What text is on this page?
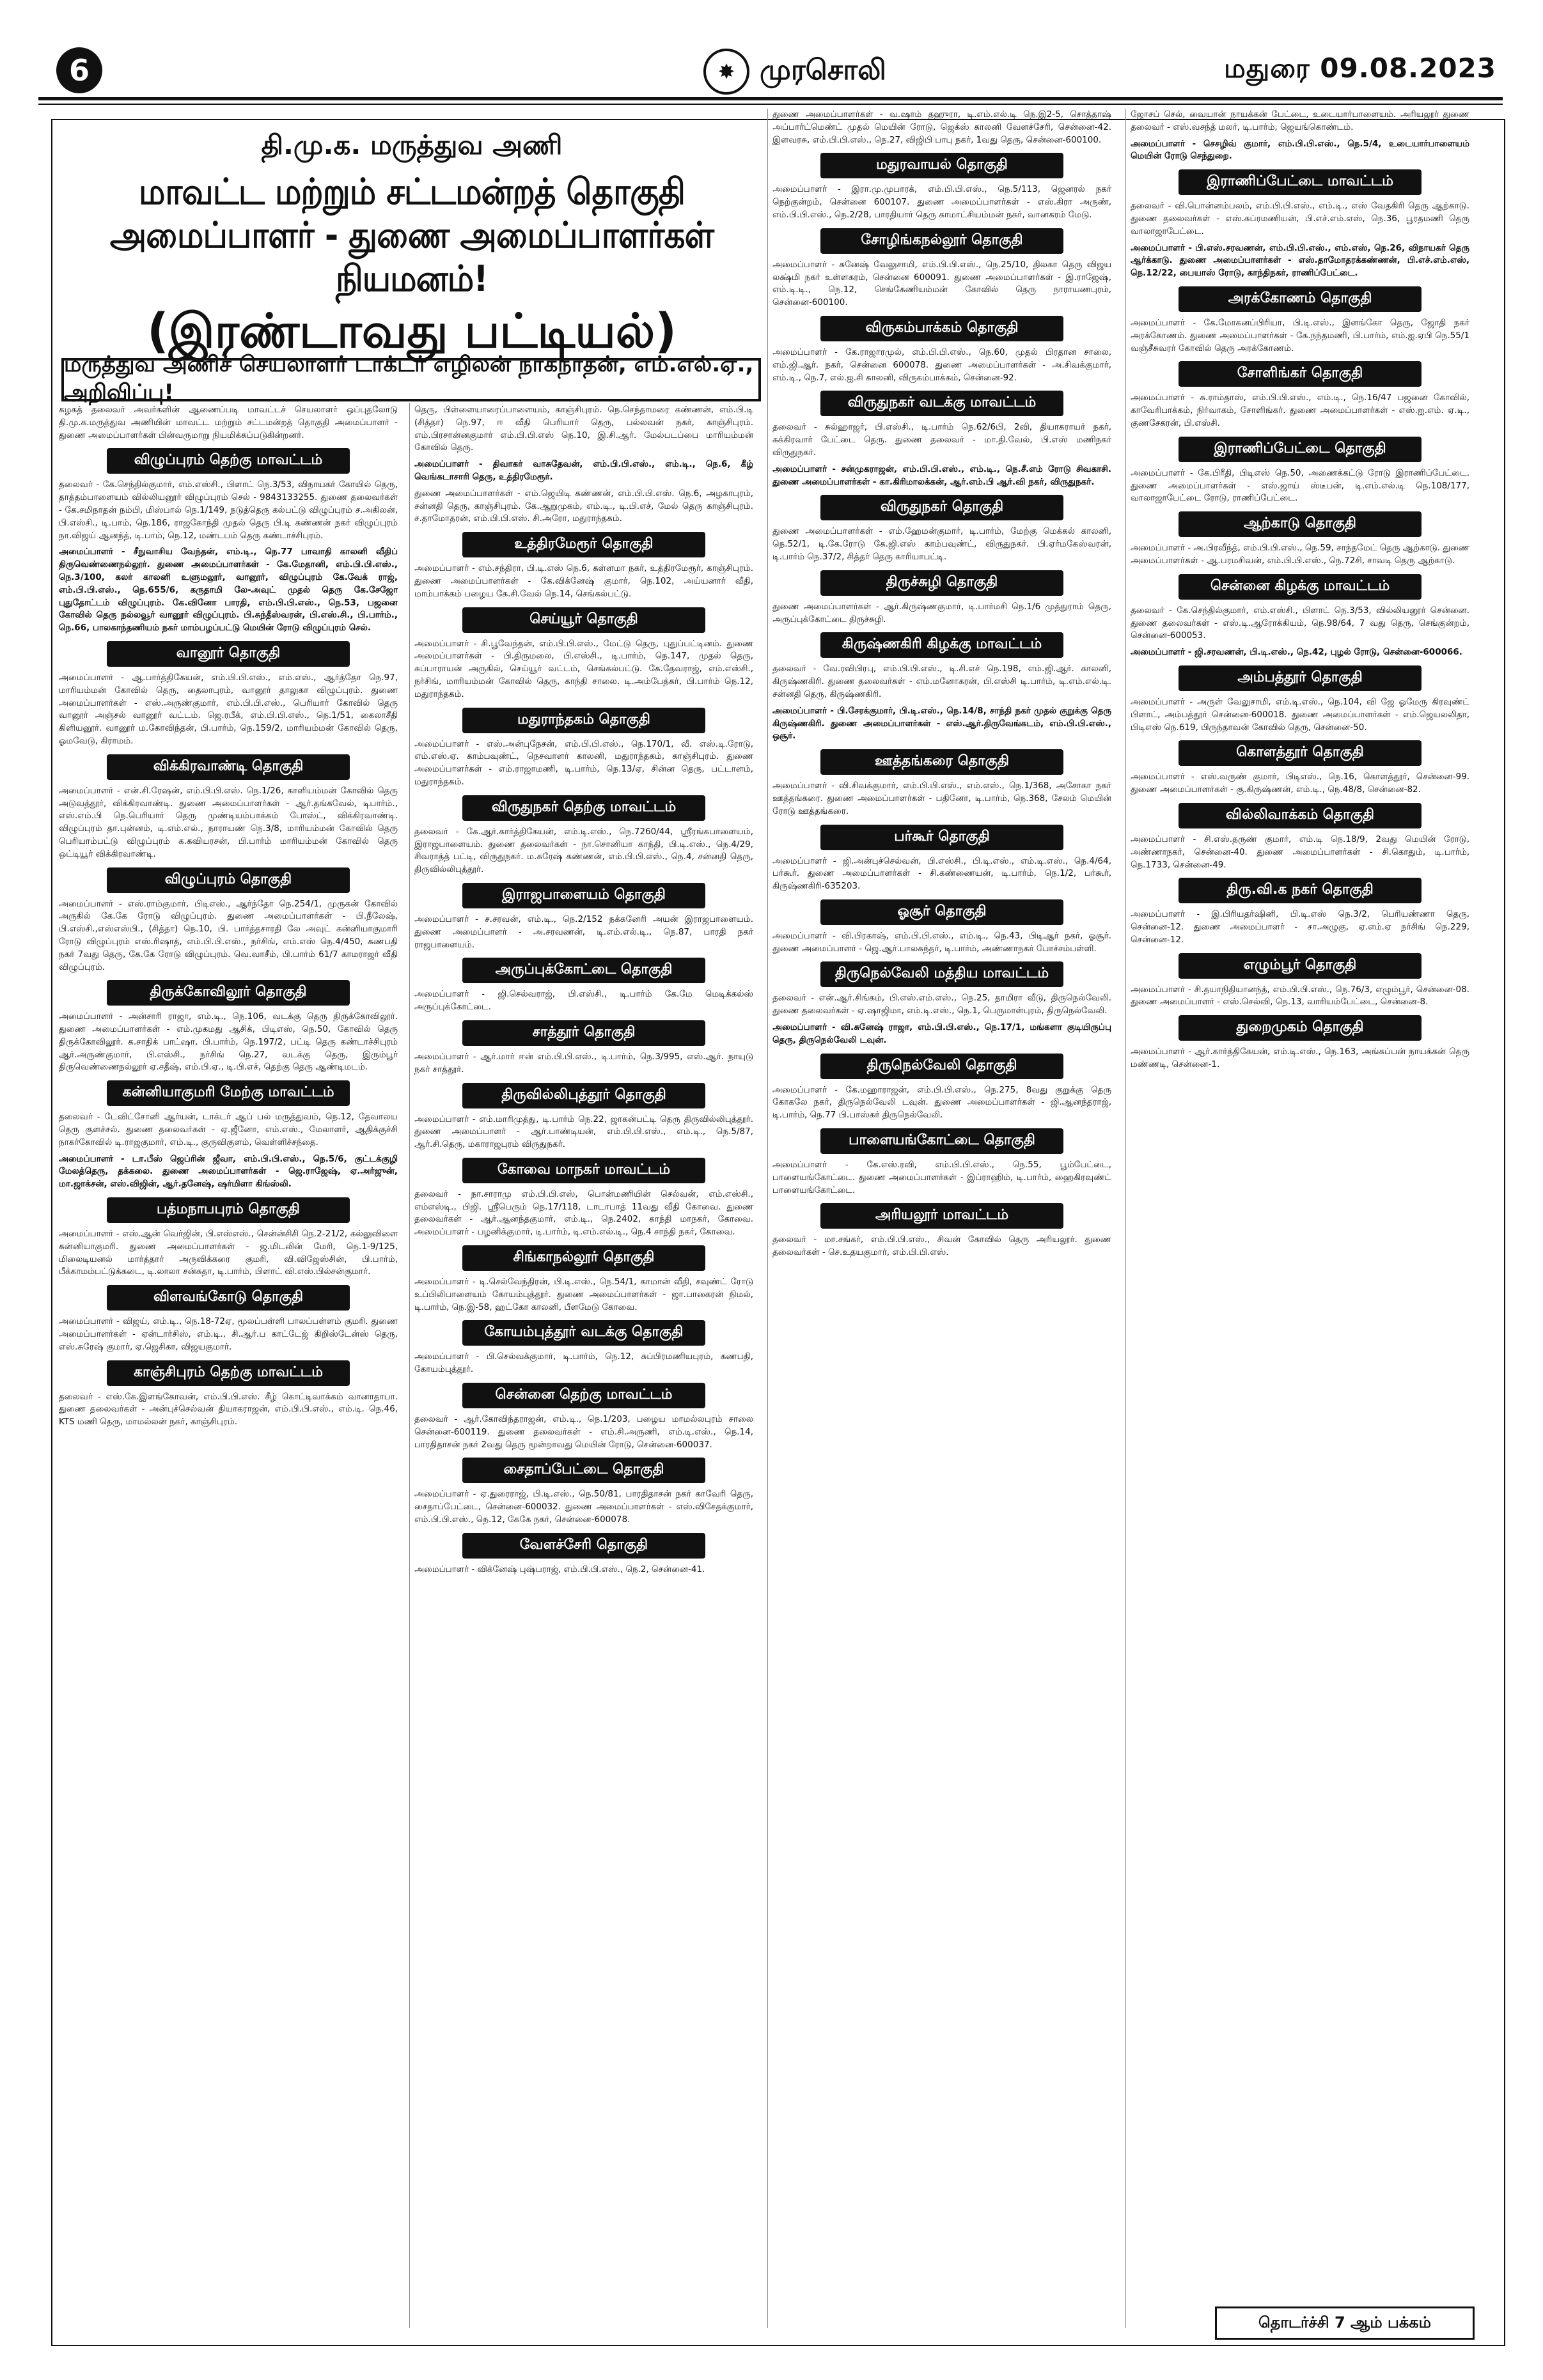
6	✸ முரசொலி	மதுரை 09.08.2023
தி.மு.க. மருத்துவ அணி
மாவட்ட மற்றும் சட்டமன்றத் தொகுதி அமைப்பாளர் - துணை அமைப்பாளர்கள் நியமனம்!
(இரண்டாவது பட்டியல்)
மருத்துவ அணிச் செயலாளர் டாக்டர் எழிலன் நாகநாதன், எம்.எல்.ஏ., அறிவிப்பு!

கழகத் தலைவர் அவர்களின் ஆணைப்படி மாவட்டச் செயலாளர் ஒப்புதலோடு தி.மு.க.மருத்துவ அணியின் மாவட்ட மற்றும் சட்டமன்றத் தொகுதி அமைப்பாளர் - துணை அமைப்பாளர்கள் பின்வருமாறு நியமிக்கப்படுகின்றனர்.

விழுப்புரம் தெற்கு மாவட்டம்

தலைவர் - கே.செந்தில்குமார், எம்.எஸ்சி., பிளாட் நெ.3/53, விநாயகர் கோயில் தெரு, தாத்தம்பாளையம் வில்லியனூர் விழுப்புரம் செல் - 9843133255. துணை தலைவர்கள் - கே.சமிநாதன் நம்பி, மிஸ்பால் நெ.1/149, நடுத்தெரு கல்பட்டு விழுப்புரம் ச.அகிலன், பி.எஸ்சி., டி.பாம், நெ.186, ராஜகோந்தி முதல் தெரு பி.டி கண்ணன் நகர் விழுப்புரம் நா.விஜய் ஆனந்த், டி.பாம், நெ.12, மண்டபம் தெரு கண்டாச்சிபுரம்.

அமைப்பாளர் - சீநுவாசிய வேந்தன், எம்.டி., நெ.77 பாவாதி காலனி வீதிப் திருவெண்ணைநல்லூர். துணை அமைப்பாளர்கள் - கே.மேதானி, எம்.பி.பி.எஸ்., நெ.3/100, கலர் காலனி உளுமலூர், வானூர், விழுப்புரம் கே.வேக் ராஜ், எம்.பி.பி.எஸ்., நெ.655/6, கருதாமி லே-அவுட் முதல் தெரு கே.சேஜோ புதுதோட்டம் விழுப்புரம். கே.வினோ பாரதி, எம்.பி.பி.எஸ்., நெ.53, பஜனை கோவில் தெரு நல்லவூர் வானூர் விழுப்புரம். பி.சுந்தீஸ்வரன், பி.எஸ்.சி., பி.பார்ம்., நெ.66, பாலகாந்தணியம் நகர் மாம்பழப்பட்டு மெயின் ரோடு விழுப்புரம் செல்.

வானூர் தொகுதி

அமைப்பாளர் - ஆ.பார்த்திகேயன், எம்.பி.பி.எஸ்., எம்.எஸ்., ஆர்த்தோ நெ.97, மாரியம்மன் கோவில் தெரு, தைலாபுரம், வானூர் தாலுகா விழுப்புரம். துணை அமைப்பாளர்கள் - எஸ்.அருண்குமார், எம்.பி.பி.எஸ்., பெரியார் கோவில் தெரு வானூர் அஞ்சல் வானூர் வட்டம். ஜெ.ரபீக், எம்.பி.பி.எஸ்., நெ.1/51, கைலாசீதி கிளியனூர். வானூர் ம.கோவிந்தன், பி.பார்ம், நெ.159/2, மாரியம்மன் கோவில் தெரு, ஓமவேடு, கிராமம்.

விக்கிரவாண்டி தொகுதி

அமைப்பாளர் - என்.சி.ரேஷன், எம்.பி.பி.எஸ். நெ.1/26, காளியம்மன் கோவில் தெரு அடுவத்தூர், விக்கிரவாண்டி. துணை அமைப்பாளர்கள் - ஆர்.தங்கவேல், டிபார்ம்., எஸ்.எம்.பி நெ.பெரியார் தெரு முண்டியம்பாக்கம் போஸ்ட், விக்கிரவாண்டி. விழுப்புரம் தா.புன்னம், டி.எம்.எல்., நாராயண் நெ.3/8, மாரியம்மன் கோவில் தெரு பெரியாம்பட்டு விழுப்புரம் க.கவியரசன், பி.பார்ம் மாரியம்மன் கோவில் தெரு ஒட்டியூர் விக்கிரவாண்டி.

விழுப்புரம் தொகுதி

அமைப்பாளர் - எஸ்.ராம்குமார், பிடிஎஸ்., ஆர்ந்தோ நெ.254/1, முருகன் கோவில் அருகில் கே.கே ரோடு விழுப்புரம். துணை அமைப்பாளர்கள் - பி.நீலேஷ், பி.எஸ்சி.,எஸ்எஸ்பி., (சித்தா) நெ.10, பி. பார்த்தசாரதி லே அவுட் கன்னியாகுமாரி ரோடு விழுப்புரம் எஸ்.ரிஷாத், எம்.பி.பி.எஸ்., நர்சிங், எம்.எஸ் நெ.4/450, கணபதி நகர் 7வது தெரு, கே.கே ரோடு விழுப்புரம். வெ.வாசீம், பி.பார்ம் 61/7 காமராஜர் வீதி விழுப்புரம்.

திருக்கோவிலூர் தொகுதி

அமைப்பாளர் - அன்சாரி ராஜா, எம்.டி., நெ.106, வடக்கு தெரு திருக்கோவிலூர். துணை அமைப்பாளர்கள் - எம்.முகமது ஆசிக், பிடிஎஸ், நெ.50, கோவில் தெரு திருக்கோவிலூர். க.சாதிக் பாட்ஷா, பி.பார்ம், நெ.197/2, பட்டி தெரு கண்டாச்சிபுரம் ஆர்.அருண்குமார், பி.எஸ்சி., நர்சிங் நெ.27, வடக்கு தெரு, இரும்பூர் திருவெண்ணைநல்லூர் ஏ.சதீஷ், எம்.பி.ஏ., டி.பி.எச், தெற்கு தெரு ஆண்டிமடம்.

கன்னியாகுமரி மேற்கு மாவட்டம்

தலைவர் - டேவிட்சோனி ஆர்யன், டாக்டர் ஆப் பல் மருத்துவம், நெ.12, தேவாலய தெரு குளச்சல். துணை தலைவர்கள் - ஏ.ஜீனோ, எம்.எஸ்., மேலாளர், ஆதிக்குச்சி நாகர்கோவில் டி.ராஜகுமார், எம்.டி., குருவிகுளம், வெள்ளிச்சந்தை.

அமைப்பாளர் - டா.பீஸ் ஜெப்ரின் ஜீவா, எம்.பி.பி.எஸ்., நெ.5/6, குட்டக்குழி மேலத்தெரு, தக்கலை. துணை அமைப்பாளர்கள் - ஜெ.ராஜேஷ், ஏ.அர்ஜுன், மா.ஜாக்சன், எஸ்.விஜின், ஆர்.தனேஷ், ஷர்மிளா கிங்ஸ்லி.

பத்மநாபபுரம் தொகுதி

அமைப்பாளர் - எஸ்.ஆன் வெர்ஜின், பி.எஸ்எஸ்., சென்ன்சிசி நெ.2-21/2, கல்லுவிளை கன்னியாகுமரி. துணை அமைப்பாளர்கள் - ஜ.மிடலின் மேரி, நெ.1-9/125, மிலைடியனல் மார்த்தார் அருவிக்கரை குமரி, வி.விஜேஸ்சின், பி.பார்ம், பீக்காமம்பட்டுக்கடை, டி.லாலா சன்சுதா, டி.பார்ம், பிளாட் வி.எஸ்.பில்சன்குமார்.

விளவங்கோடு தொகுதி

அமைப்பாளர் - விஜய், எம்.டி., நெ.18-72ஏ, மூலப்பள்ளி பாலப்பள்ளம் குமரி. துணை அமைப்பாளர்கள் - ஏன்டார்சிஸ், எம்.டி., சி.ஆர்.ப காட்டேஜ் கிறிஸ்டேன்ஸ் தெரு, எஸ்.சுரேஷ் குமார், ஏ.ஜெசிகா, விஜயகுமார்.

காஞ்சிபுரம் தெற்கு மாவட்டம்

தலைவர் - எஸ்.கே.இளங்கோவன், எம்.பி.பி.எஸ். சீழ் கொட்டிவாக்கம் வானாதாபா. துணை தலைவர்கள் - அன்புச்செல்வன் தியாகராஜன், எம்.பி.பி.எஸ்., எம்.டி. நெ.46, KTS மணி தெரு, மாமல்லன் நகர், காஞ்சிபுரம்.

தெரு, பிள்ளையாரைப்பாளையம், காஞ்சிபுரம். நெ.செந்தாமரை கண்ணன், எம்.பி.டி (சித்தா) நெ.97, ஈ வீதி பெரியார் தெரு, பல்லவன் நகர், காஞ்சிபுரம். எம்.பிரசான்னகுமார் எம்.பி.பி.எஸ் நெ.10, இ.சி.ஆர். மேல்படப்பை மாரியம்மன் கோவில் தெரு.

அமைப்பாளர் - திவாகர் வாசுதேவன், எம்.பி.பி.எஸ்., எம்.டி., நெ.6, கீழ் வெங்கடாசாரி தெரு, உத்திரமேரூர்.

துணை அமைப்பாளர்கள் - எம்.ஜெயிடி கண்ணன், எம்.பி.பி.எஸ். நெ.6, அழகாபுரம், சன்னதி தெரு, காஞ்சிபுரம். கே.ஆறுமுகம், எம்.டி., டி.பி.எச், மேல் தெரு காஞ்சிபுரம். ச.தாமோதரன், எம்.பி.பி.எஸ். சி.அரோ, மதுராந்தகம்.

உத்திரமேரூர் தொகுதி

அமைப்பாளர் - எம்.சந்திரா, பி.டி.எஸ் நெ.6, கள்ளமா நகர், உத்திரமேரூர், காஞ்சிபுரம். துணை அமைப்பாளர்கள் - கே.விக்னேஷ் குமார், நெ.102, அய்யனார் வீதி, மாம்பாக்கம் பழைய கே.சி.வேல் நெ.14, செங்கல்பட்டு.

செய்யூர் தொகுதி

அமைப்பாளர் - சி.பூவேந்தன், எம்.பி.பி.எஸ்., மேட்டு தெரு, புதுப்பட்டினம். துணை அமைப்பாளர்கள் - பி.திருமலை, பி.எஸ்சி., டி.பார்ம், நெ.147, முதல் தெரு, சுப்பாராயன் அருகில், செய்யூர் வட்டம், செங்கல்பட்டு. கே.தேவராஜ், எம்.எஸ்சி., நர்சிங், மாரியம்மன் கோவில் தெரு, காந்தி சாலை. டி.அம்பேத்கர், பி.பார்ம் நெ.12, மதுராந்தகம்.

மதுராந்தகம் தொகுதி

அமைப்பாளர் - எஸ்.அன்புநேசன், எம்.பி.பி.எஸ்., நெ.170/1, வீ. எஸ்.டி.ரோடு, எம்.எஸ்.ஏ. காம்பவுண்ட், நெசவாளர் காலனி, மதுராந்தகம், காஞ்சிபுரம். துணை அமைப்பாளர்கள் - எம்.ராஜாமணி, டி.பார்ம், நெ.13/ஏ, சின்ன தெரு, பட்டாளம், மதுராந்தகம்.

விருதுநகர் தெற்கு மாவட்டம்

தலைவர் - கே.ஆர்.கார்த்திகேயன், எம்.டி.எஸ்., நெ.7260/44, ஸ்ரீரங்கபாளையம், இராஜபாளையம். துணை தலைவர்கள் - நா.சொனியா காந்தி, பி.டி.எஸ்., நெ.4/29, சிவராத்த் பட்டி, விருதுநகர். ம.சுரேஷ் கண்ணன், எம்.பி.பி.எஸ்., நெ.4, சன்னதி தெரு, திருவில்லிபுத்தூர்.

இராஜபாளையம் தொகுதி

அமைப்பாளர் - ச.சரவன், எம்.டி., நெ.2/152 நக்கனேரி அயன் இராஜபாளையம். துணை அமைப்பாளர் - அ.சரவணன், டி.எம்.எல்.டி., நெ.87, பாரதி நகர் ராஜபாளையம்.

அருப்புக்கோட்டை தொகுதி

அமைப்பாளர் - ஜி.செல்வராஜ், பி.எஸ்சி., டி.பார்ம் கே.மே மெடிக்கல்ஸ் அருப்புக்கோட்டை.

சாத்தூர் தொகுதி

அமைப்பாளர் - ஆர்.மார் ஈன் எம்.பி.பி.எஸ்., டி.பார்ம், நெ.3/995, எஸ்.ஆர். நாயுடு நகர் சாத்தூர்.

திருவில்லிபுத்தூர் தொகுதி

அமைப்பாளர் - எம்.மாரிமுத்து, டி.பார்ம் நெ.22, ஜாகன்பட்டி தெரு திருவில்லிபுத்தூர். துணை அமைப்பாளர் - ஆர்.பாண்டியன், எம்.பி.பி.எஸ்., எம்.டி., நெ.5/87, ஆர்.சி.தெரு, மகாராஜபுரம் விருதுநகர்.

கோவை மாநகர் மாவட்டம்

தலைவர் - நா.சாராமு எம்.பி.பி.எஸ், பொன்மணியின் செல்வன், எம்.எஸ்சி., எம்எஸ்டி., பிஜி. ஸ்ரீபெரும் நெ.17/118, டாடாபாத் 11வது வீதி கோவை. துணை தலைவர்கள் - ஆர்.ஆனந்தகுமார், எம்.டி., நெ.2402, காந்தி மாநகர், கோவை. அமைப்பாளர் - பழனிக்குமார், டி.பார்ம், டி.எம்.எல்.டி., நெ.4 சாந்தி நகர், கோவை.

சிங்காநல்லூர் தொகுதி

அமைப்பாளர் - டி.செல்வேந்திரன், பி.டி.எஸ்., நெ.54/1, காமான் வீதி, சவுண்ட் ரோடு உப்பிலிபாளையம் கோயம்புத்தூர். துணை அமைப்பாளர்கள் - ஜா.பாகைரன் நிமல், டி.பார்ம், நெ.இ-58, ஹட்கோ காலனி, பீளமேடு கோவை.

கோயம்புத்தூர் வடக்கு தொகுதி

அமைப்பாளர் - பி.செல்வக்குமார், டி.பார்ம், நெ.12, சுப்பிரமணியபுரம், கணபதி, கோயம்புத்தூர்.

சென்னை தெற்கு மாவட்டம்

தலைவர் - ஆர்.கோவிந்தராஜன், எம்.டி., நெ.1/203, பழைய மாமல்லபுரம் சாலை சென்னை-600119. துணை தலைவர்கள் - எம்.சி.அருணி, எம்.டி.எஸ்., நெ.14, பாரதிதாசன் நகர் 2வது தெரு மூன்றாவது மெயின் ரோடு, சென்னை-600037.

சைதாப்பேட்டை தொகுதி

அமைப்பாளர் - ஏ.துரைராஜ், பி.டி.எஸ்., நெ.50/81, பாரதிதாசன் நகர் காவேரி தெரு, சைதாப்பேட்டை, சென்னை-600032. துணை அமைப்பாளர்கள் - எஸ்.விசேதக்குமார், எம்.பி.பி.எஸ்., நெ.12, கேகே நகர், சென்னை-600078.

வேளச்சேரி தொகுதி

அமைப்பாளர் - விக்னேஷ் புஷ்பராஜ், எம்.பி.பி.எஸ்., நெ.2, சென்னை-41.

துணை அமைப்பாளர்கள் - வ.ஷாம் தஹுரா, டி.எம்.எல்.டி நெ.இ2-5, சொத்தாஷ் அப்பார்ட்மெண்ட் முதல் மெயின் ரோடு, ஜெக்ஸ் காலனி வேளச்சேரி, சென்னை-42. இளவரசு, எம்.பி.பி.எஸ்., நெ.27, விஜிபி பாபு நகர், 1வது தெரு, சென்னை-600100.

மதுரவாயல் தொகுதி

அமைப்பாளர் - இரா.மு.முபாரக், எம்.பி.பி.எஸ்., நெ.5/113, ஜெனரல் நகர் நெற்குன்றம், சென்னை 600107. துணை அமைப்பாளர்கள் - எஸ்.கிரா அருண், எம்.பி.பி.எஸ்., நெ.2/28, பாரதியார் தெரு காமாட்சியம்மன் நகர், வானகரம் மேடு.

சோழிங்கநல்லூர் தொகுதி

அமைப்பாளர் - சுனேஷ் வேலுசாமி, எம்.பி.பி.எஸ்., நெ.25/10, திலகா தெரு விஜய லக்ஷ்மி நகர் உள்ளகரம், சென்னை 600091. துணை அமைப்பாளர்கள் - இ.ராஜேஷ், எம்.டி.டி., நெ.12, செங்கேணியம்மன் கோவில் தெரு நாராயணபுரம், சென்னை-600100.

விருகம்பாக்கம் தொகுதி

அமைப்பாளர் - கே.ராஜாரமுல், எம்.பி.பி.எஸ்., நெ.60, முதல் பிரதான சாலை, எம்.ஜி.ஆர். நகர், சென்னை 600078. துணை அமைப்பாளர்கள் - அ.சிவக்குமார், எம்.டி., நெ.7, எல்.ஐ.சி காலனி, விருகம்பாக்கம், சென்னை-92.

விருதுநகர் வடக்கு மாவட்டம்

தலைவர் - சுல்ஹாஜர், பி.எஸ்சி., டி.பார்ம் நெ.62/6பி, 2வி, தியாகராயர் நகர், சுக்கிரவார் பேட்டை தெரு. துணை தலைவர் - மா.தி.வேல், பி.எஸ் மணிநகர் விருதுநகர்.

அமைப்பாளர் - சன்முகராஜன், எம்.பி.பி.எஸ்., எம்.டி., நெ.சீ.எம் ரோடு சிவகாசி. துணை அமைப்பாளர்கள் - கா.கிரிமாலக்கன், ஆர்.எம்.பி ஆர்.வி நகர், விருதுநகர்.

விருதுநகர் தொகுதி

துணை அமைப்பாளர்கள் - எம்.ஹேமன்குமார், டி.பார்ம், மேற்கு மெக்கல் காலனி, நெ.52/1, டி.கே.ரோடு கே.ஜி.எஸ் காம்பவுண்ட், விருதுநகர். பி.ஏர்மகேஸ்வரன், டி.பார்ம் நெ.37/2, சித்தர் தெரு காரியாபட்டி.

திருச்சுழி தொகுதி

துணை அமைப்பாளர்கள் - ஆர்.கிருஷ்ணகுமார், டி.பார்மசி நெ.1/6 முத்துராம் தெரு, அருப்புக்கோட்டை திருச்சுழி.

கிருஷ்ணகிரி கிழக்கு மாவட்டம்

தலைவர் - வே.ரவிபிரபு, எம்.பி.பி.எஸ்., டி.சி.எச் நெ.198, எம்.ஜி.ஆர். காலனி, கிருஷ்ணகிரி. துணை தலைவர்கள் - எம்.மனோகரன், பி.எஸ்சி டி.பார்ம், டி.எம்.எல்.டி. சன்னதி தெரு, கிருஷ்ணகிரி.

அமைப்பாளர் - பி.சேரக்குமார், பி.டி.எஸ்., நெ.14/8, சாந்தி நகர் முதல் குறுக்கு தெரு கிருஷ்ணகிரி. துணை அமைப்பாளர்கள் - எஸ்.ஆர்.திருவேங்கடம், எம்.பி.பி.எஸ்., ஒசூர்.

ஊத்தங்கரை தொகுதி

அமைப்பாளர் - வி.சிவக்குமார், எம்.பி.பி.எஸ்., எம்.எஸ்., நெ.1/368, அசோகா நகர் ஊத்தங்கரை. துணை அமைப்பாளர்கள் - பதினோ, டி.பார்ம், நெ.368, சேலம் மெயின் ரோடு ஊத்தங்கரை.

பர்கூர் தொகுதி

அமைப்பாளர் - ஜி.அன்புச்செல்வன், பி.எஸ்சி., பி.டி.எஸ்., எம்.டி.எஸ்., நெ.4/64, பர்கூர். துணை அமைப்பாளர்கள் - சி.கண்ணையன், டி.பார்ம், நெ.1/2, பர்கூர், கிருஷ்ணகிரி-635203.

ஓசூர் தொகுதி

அமைப்பாளர் - வி.பிரகாஷ், எம்.பி.பி.எஸ்., எம்.டி., நெ.43, பிடிஆர் நகர், ஓசூர். துணை அமைப்பாளர் - ஜெ.ஆர்.பாலசுந்தர், டி.பார்ம், அண்ணாநகர் போச்சம்பள்ளி.

திருநெல்வேலி மத்திய மாவட்டம்

தலைவர் - என்.ஆர்.சிங்கம், பி.எஸ்.எம்.எஸ்., நெ.25, தாமிரா வீடு, திருநெல்வேலி. துணை தலைவர்கள் - ஏ.ஷாஜிமா, எம்.டி.எஸ்., நெ.1, பெருமாள்புரம், திருநெல்வேலி.

அமைப்பாளர் - வி.சுனேஷ் ராஜா, எம்.பி.பி.எஸ்., நெ.17/1, மங்களா குடியிருப்பு தெரு, திருநெல்வேலி டவுன்.

திருநெல்வேலி தொகுதி

அமைப்பாளர் - கே.மஹாராஜன், எம்.பி.பி.எஸ்., நெ.275, 8வது குறுக்கு தெரு கோகலே நகர், திருநெல்வேலி டவுன். துணை அமைப்பாளர்கள் - ஜி.ஆனந்தராஜ், டி.பார்ம், நெ.77 பி.பாஸ்கர் திருநெல்வேலி.

பாளையங்கோட்டை தொகுதி

அமைப்பாளர் - கே.எஸ்.ரவி, எம்.பி.பி.எஸ்., நெ.55, பூம்பேட்டை, பாளையங்கோட்டை. துணை அமைப்பாளர்கள் - இப்ராஹிம், டி.பார்ம், ஹைகிரவுண்ட் பாளையங்கோட்டை.

அரியலூர் மாவட்டம்

தலைவர் - மா.சங்கர், எம்.பி.பி.எஸ்., சிவன் கோவில் தெரு அரியலூர். துணை தலைவர்கள் - செ.உதயகுமார், எம்.பி.பி.எஸ்.

ஜோசப் செல், வையான் நாயக்கன் பேட்டை, உடையார்பாளையம். அரியலூர் துணை தலைவர் - எஸ்.வசந்த் மலர், டி.பார்ம், ஜெயங்கொண்டம்.

அமைப்பாளர் - செசழிவ் குமார், எம்.பி.பி.எஸ்., நெ.5/4, உடையார்பாளையம் மெயின் ரோடு செந்துறை.

இராணிப்பேட்டை மாவட்டம்

தலைவர் - வி.பொன்னம்பலம், எம்.பி.பி.எஸ்., எம்.டி., எஸ் வேதகிரி தெரு ஆற்காடு. துணை தலைவர்கள் - எஸ்.சுப்ரமணியன், பி.எச்.எம்.எஸ், நெ.36, பூரதமணி தெரு வாலாஜாபேட்டை.

அமைப்பாளர் - பி.எஸ்.சரவணன், எம்.பி.பி.எஸ்., எம்.எஸ், நெ.26, விநாயகர் தெரு ஆர்க்காடு. துணை அமைப்பாளர்கள் - எஸ்.தாமோதரக்கண்ணன், பி.எச்.எம்.எஸ், நெ.12/22, பையாஸ் ரோடு, காந்திநகர், ராணிப்பேட்டை.

அரக்கோணம் தொகுதி

அமைப்பாளர் - கே.மோகனப்பிரியா, பி.டி.எஸ்., இளங்கோ தெரு, ஜோதி நகர் அரக்கோணம். துணை அமைப்பாளர்கள் - கே.நந்தமணி, பி.பார்ம், எம்.ஐ.ஏபி நெ.55/1 வஞ்சீசுவரர் கோவில் தெரு அரக்கோணம்.

சோளிங்கர் தொகுதி

அமைப்பாளர் - சு.ராம்தாஸ், எம்.பி.பி.எஸ்., எம்.டி., நெ.16/47 பஜனை கோவில், காவேரிபாக்கம், நிர்வாகம், சோளிங்கர். துணை அமைப்பாளர்கள் - எஸ்.ஐ.எம். ஏ.டி., குணசேகரன், பி.எஸ்சி.

இராணிப்பேட்டை தொகுதி

அமைப்பாளர் - கே.பிரீதி, பிடிஎஸ் நெ.50, அணைக்கட்டு ரோடு இராணிப்பேட்டை. துணை அமைப்பாளர்கள் - எஸ்.ஜாய் ஸ்டீபன், டி.எம்.எல்.டி நெ.108/177, வாலாஜாபேட்டை ரோடு, ராணிப்பேட்டை.

ஆற்காடு தொகுதி

அமைப்பாளர் - அ.பிரவீந்த், எம்.பி.பி.எஸ்., நெ.59, சாந்தமேட் தெரு ஆற்காடு. துணை அமைப்பாளர்கள் - ஆ.பரமசிவன், எம்.பி.பி.எஸ்., நெ.72சி, சாவடி தெரு ஆற்காடு.

சென்னை கிழக்கு மாவட்டம்

தலைவர் - கே.செந்தில்குமார், எம்.எஸ்சி., பிளாட் நெ.3/53, வில்லியனூர் சென்னை. துணை தலைவர்கள் - எஸ்.டி.ஆரோக்கியம், நெ.98/64, 7 வது தெரு, செங்குன்றம், சென்னை-600053.

அமைப்பாளர் - ஜி.சரவணன், பி.டி.எஸ்., நெ.42, புழல் ரோடு, சென்னை-600066.

அம்பத்தூர் தொகுதி

அமைப்பாளர் - அருள் வேலுசாமி, எம்.டி.எஸ்., நெ.104, வி ஜே ஓமேரு கிரவுண்ட் பிளாட், அம்பத்தூர் சென்னை-600018. துணை அமைப்பாளர்கள் - எம்.ஜெயலலிதா, பிடிஎஸ் நெ.619, பிருந்தாவன் கோவில் தெரு, சென்னை-50.

கொளத்தூர் தொகுதி

அமைப்பாளர் - எஸ்.வருண் குமார், பிடிஎஸ்., நெ.16, கொளத்தூர், சென்னை-99. துணை அமைப்பாளர்கள் - கு.கிருஷ்ணன், எம்.டி., நெ.48/8, சென்னை-82.

வில்லிவாக்கம் தொகுதி

அமைப்பாளர் - சி.எஸ்.தருண் குமார், எம்.டி நெ.18/9, 2வது மெயின் ரோடு, அண்ணாநகர், சென்னை-40. துணை அமைப்பாளர்கள் - சி.கொதும், டி.பார்ம், நெ.1733, சென்னை-49.

திரு.வி.க நகர் தொகுதி

அமைப்பாளர் - இ.பிரியதர்ஷினி, பி.டி.எஸ் நெ.3/2, பெரியண்ணா தெரு, சென்னை-12. துணை அமைப்பாளர் - சா.அழுகு, ஏ.எம்.ஏ நர்சிங் நெ.229, சென்னை-12.

எழும்பூர் தொகுதி

அமைப்பாளர் - சி.தயாநிதியானந்த், எம்.பி.பி.எஸ்., நெ.76/3, எழும்பூர், சென்னை-08. துணை அமைப்பாளர் - எஸ்.செல்வி, நெ.13, வாரியம்பேட்டை, சென்னை-8.

துறைமுகம் தொகுதி

அமைப்பாளர் - ஆர்.கார்த்திகேயன், எம்.டி.எஸ்., நெ.163, அங்கப்பன் நாயக்கன் தெரு மண்ணடி, சென்னை-1.

தொடர்ச்சி 7 ஆம் பக்கம்
